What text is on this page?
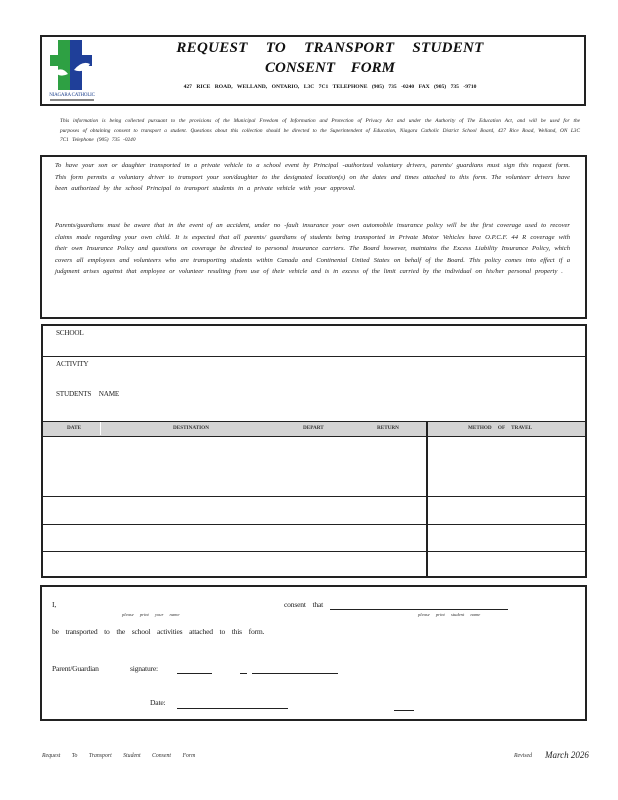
NIAGARA CATHOLIC
REQUEST TO TRANSPORT STUDENT
CONSENT FORM
427 RICE ROAD, WELLAND, ONTARIO, L3C 7C1 TELEPHONE (905) 735 -0240 FAX (905) 735 -9710
This information is being collected pursuant to the provisions of the Municipal Freedom of Information and Protection of Privacy Act and under the Authority of The Education Act, and will be used for the purposes of obtaining consent to transport a student. Questions about this collection should be directed to the Superintendent of Education, Niagara Catholic District School Board, 427 Rice Road, Welland, ON L3C 7C1 Telephone (905) 735 -0240
To have your son or daughter transported in a private vehicle to a school event by Principal -authorized voluntary drivers, parents/ guardians must sign this request form. This form permits a voluntary driver to transport your son/daughter to the designated location(s) on the dates and times attached to this form. The volunteer drivers have been authorized by the school Principal to transport students in a private vehicle with your approval.
Parents/guardians must be aware that in the event of an accident, under no -fault insurance your own automobile insurance policy will be the first coverage used to recover claims made regarding your own child. It is expected that all parents/ guardians of students being transported in Private Motor Vehicles have O.P.C.F. 44 R coverage with their own Insurance Policy and questions on coverage be directed to personal insurance carriers. The Board however, maintains the Excess Liability Insurance Policy, which covers all employees and volunteers who are transporting students within Canada and Continental United States on behalf of the Board. This policy comes into effect if a judgment arises against that employee or volunteer resulting from use of their vehicle and is in excess of the limit carried by the individual on his/her personal property .
SCHOOL
ACTIVITY
STUDENTS NAME
DATE	DESTINATION	DEPART	RETURN	METHOD OF TRAVEL
I,
please print your name
consent that
please print student name
be transported to the school activities attached to this form.
Parent/Guardian	signature:
Date:
Request To Transport Student Consent Form	Revised March 2026
